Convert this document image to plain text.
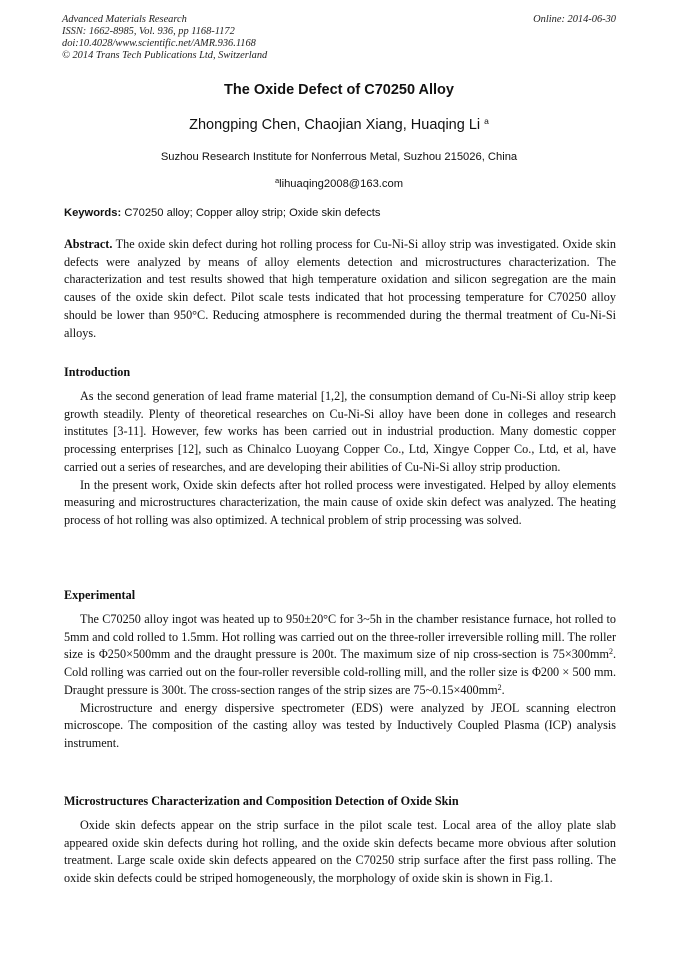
Advanced Materials Research
ISSN: 1662-8985, Vol. 936, pp 1168-1172
doi:10.4028/www.scientific.net/AMR.936.1168
© 2014 Trans Tech Publications Ltd, Switzerland
Online: 2014-06-30
The Oxide Defect of C70250 Alloy
Zhongping Chen, Chaojian Xiang, Huaqing Li $^a$
Suzhou Research Institute for Nonferrous Metal, Suzhou 215026, China
$^a$lihuaqing2008@163.com
Keywords: C70250 alloy; Copper alloy strip; Oxide skin defects

Abstract. The oxide skin defect during hot rolling process for Cu-Ni-Si alloy strip was investigated. Oxide skin defects were analyzed by means of alloy elements detection and microstructures characterization. The characterization and test results showed that high temperature oxidation and silicon segregation are the main causes of the oxide skin defect. Pilot scale tests indicated that hot processing temperature for C70250 alloy should be lower than 950°C. Reducing atmosphere is recommended during the thermal treatment of Cu-Ni-Si alloys.

Introduction

As the second generation of lead frame material [1,2], the consumption demand of Cu-Ni-Si alloy strip keep growth steadily. Plenty of theoretical researches on Cu-Ni-Si alloy have been done in colleges and research institutes [3-11]. However, few works has been carried out in industrial production. Many domestic copper processing enterprises [12], such as Chinalco Luoyang Copper Co., Ltd, Xingye Copper Co., Ltd, et al, have carried out a series of researches, and are developing their abilities of Cu-Ni-Si alloy strip production.

In the present work, Oxide skin defects after hot rolled process were investigated. Helped by alloy elements measuring and microstructures characterization, the main cause of oxide skin defect was analyzed. The heating process of hot rolling was also optimized. A technical problem of strip processing was solved.

Experimental

The C70250 alloy ingot was heated up to 950±20°C for 3~5h in the chamber resistance furnace, hot rolled to 5mm and cold rolled to 1.5mm. Hot rolling was carried out on the three-roller irreversible rolling mill. The roller size is Φ250×500mm and the draught pressure is 200t. The maximum size of nip cross-section is $75\times 300mm^2$. Cold rolling was carried out on the four-roller reversible cold-rolling mill, and the roller size is Φ200 × 500 mm. Draught pressure is 300t. The cross-section ranges of the strip sizes are $75\sim 0.15\times 400mm^2$.

Microstructure and energy dispersive spectrometer (EDS) were analyzed by JEOL scanning electron microscope. The composition of the casting alloy was tested by Inductively Coupled Plasma (ICP) analysis instrument.

Microstructures Characterization and Composition Detection of Oxide Skin

Oxide skin defects appear on the strip surface in the pilot scale test. Local area of the alloy plate slab appeared oxide skin defects during hot rolling, and the oxide skin defects became more obvious after solution treatment. Large scale oxide skin defects appeared on the C70250 strip surface after the first pass rolling. The oxide skin defects could be striped homogeneously, the morphology of oxide skin is shown in Fig.1.
